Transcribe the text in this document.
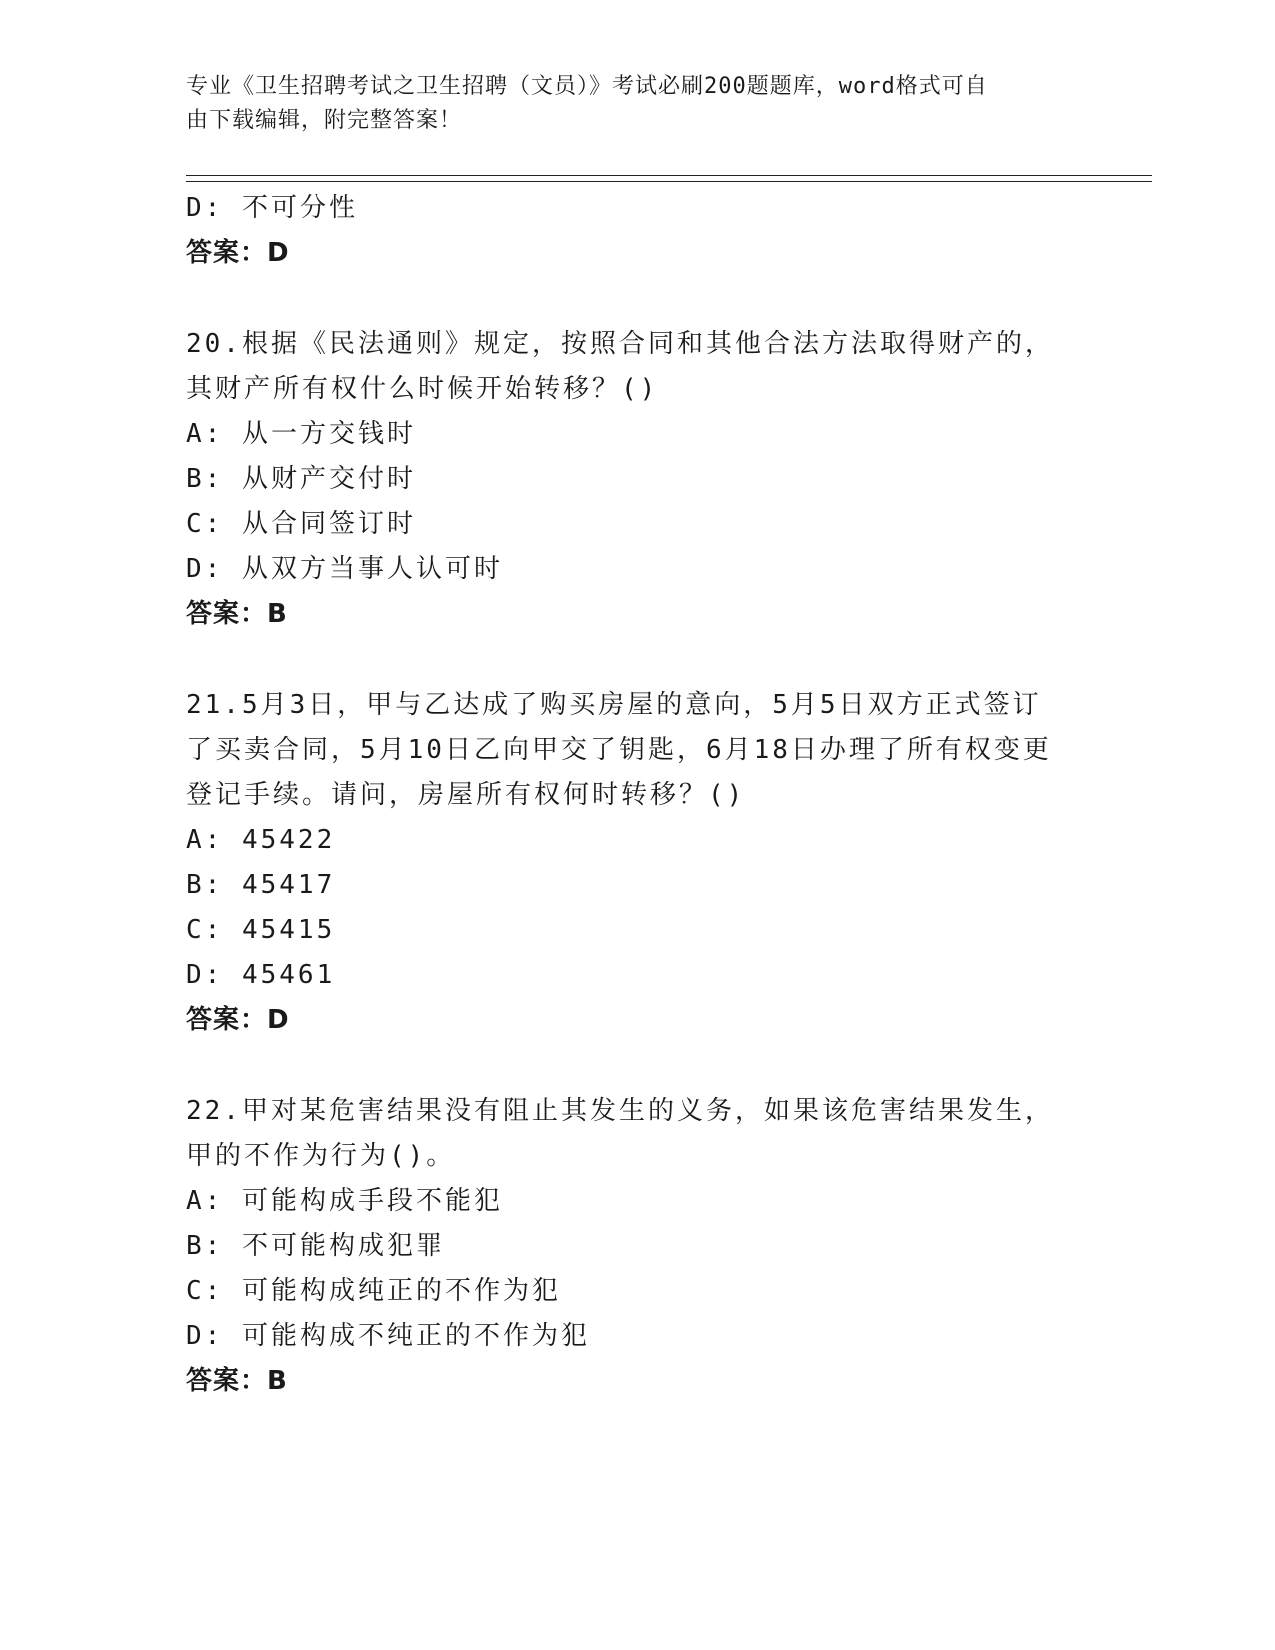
专业《卫生招聘考试之卫生招聘（文员）》考试必刷200题题库，word格式可自
由下载编辑，附完整答案！
D: 不可分性
答案：D
20.根据《民法通则》规定，按照合同和其他合法方法取得财产的，其财产所有权什么时候开始转移？()
A: 从一方交钱时
B: 从财产交付时
C: 从合同签订时
D: 从双方当事人认可时
答案：B
21.5月3日，甲与乙达成了购买房屋的意向，5月5日双方正式签订了买卖合同，5月10日乙向甲交了钥匙，6月18日办理了所有权变更登记手续。请问，房屋所有权何时转移？()
A: 45422
B: 45417
C: 45415
D: 45461
答案：D
22.甲对某危害结果没有阻止其发生的义务，如果该危害结果发生，甲的不作为行为()。
A: 可能构成手段不能犯
B: 不可能构成犯罪
C: 可能构成纯正的不作为犯
D: 可能构成不纯正的不作为犯
答案：B
